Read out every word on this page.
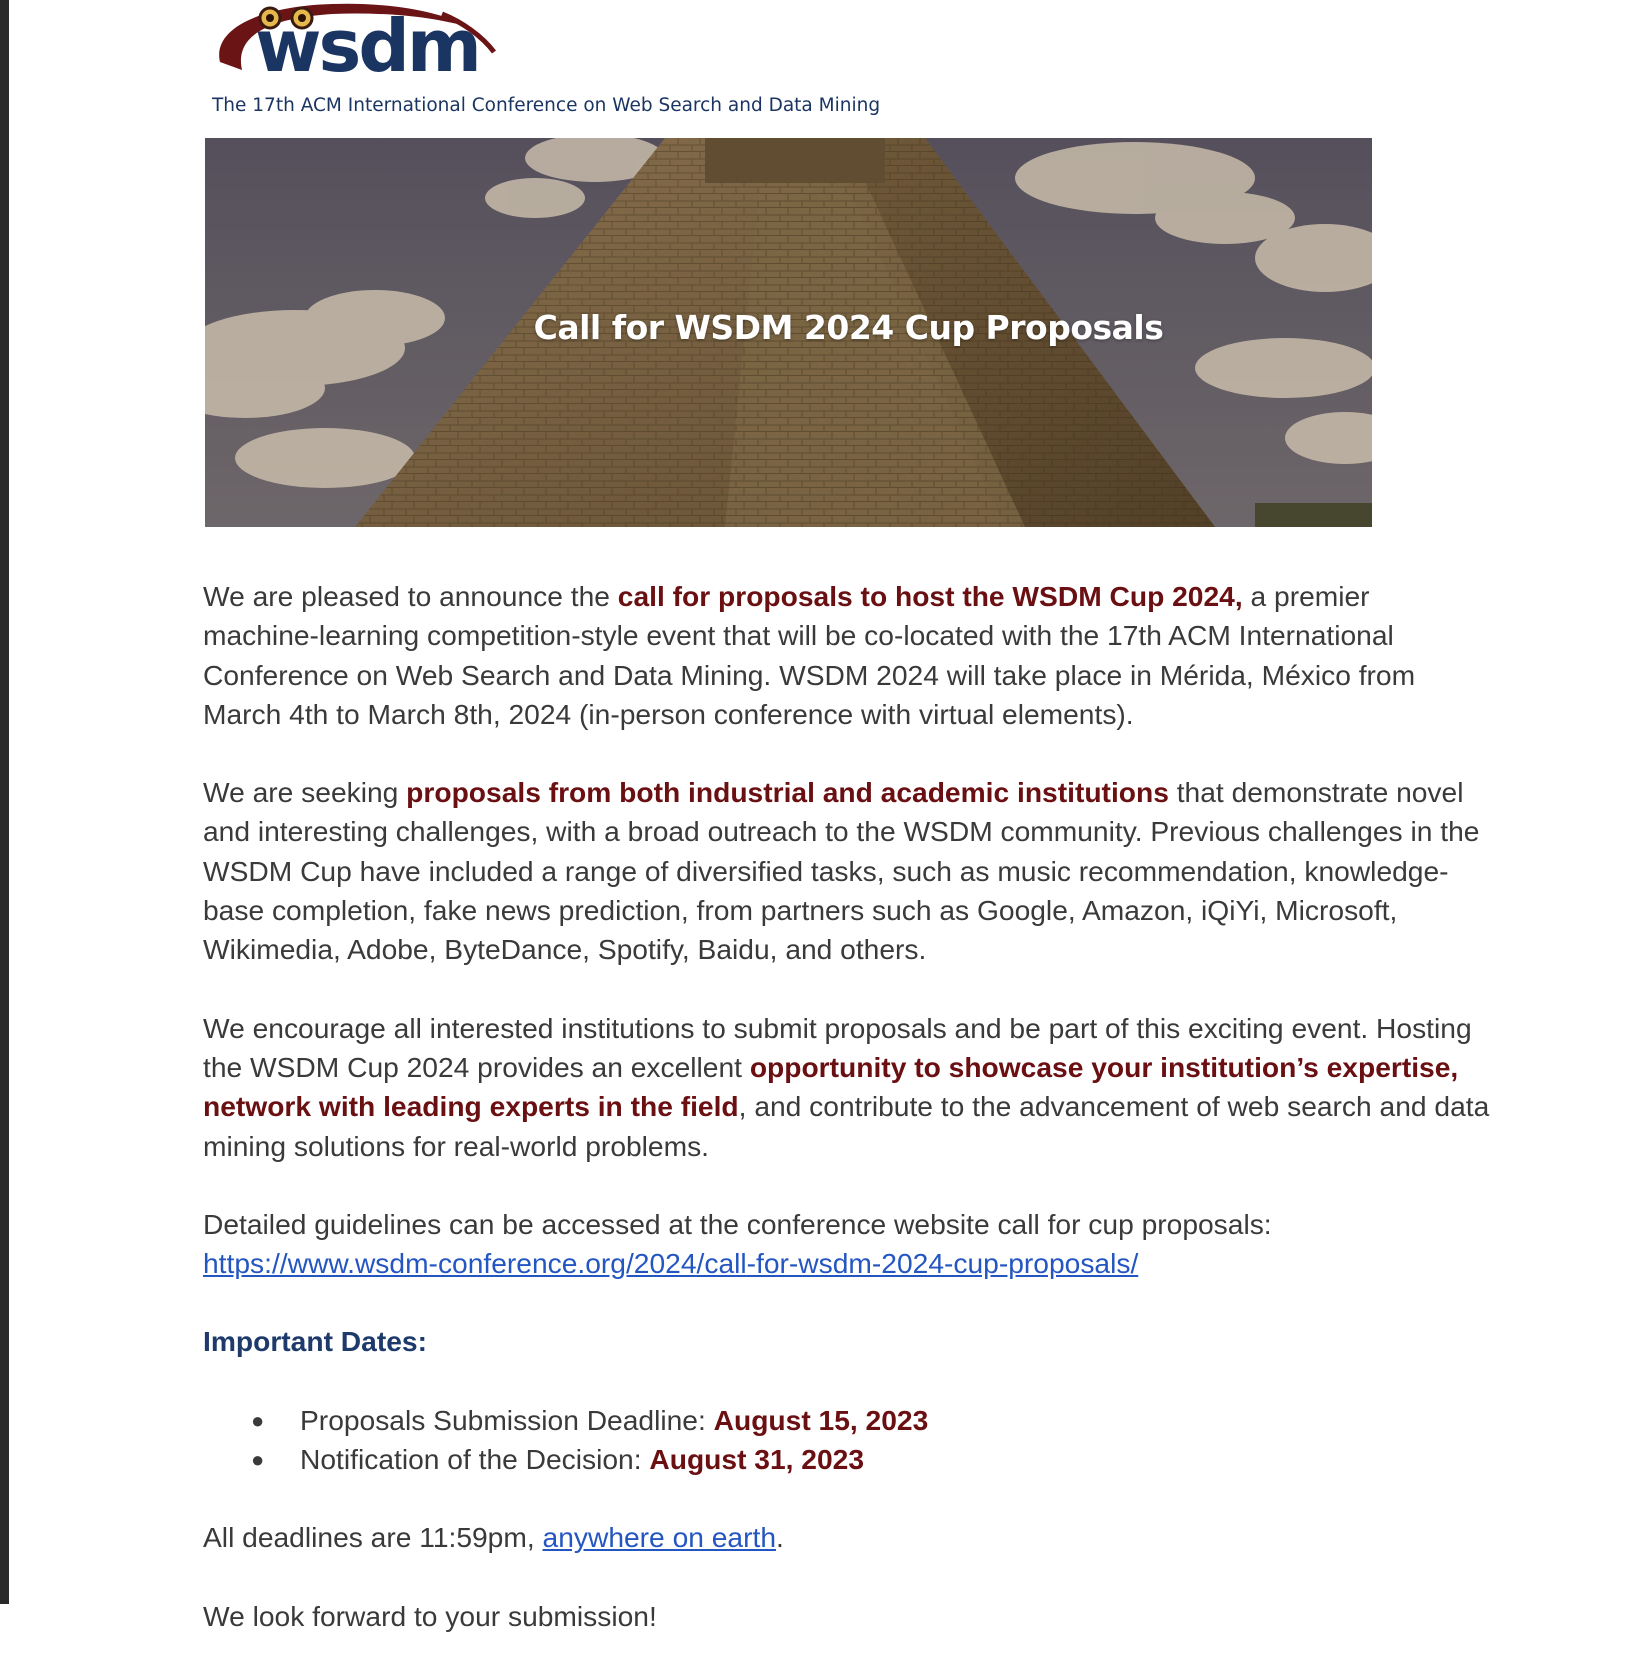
wsdm
The 17th ACM International Conference on Web Search and Data Mining
Call for WSDM 2024 Cup Proposals

We are pleased to announce the call for proposals to host the WSDM Cup 2024, a premier machine-learning competition-style event that will be co-located with the 17th ACM International Conference on Web Search and Data Mining. WSDM 2024 will take place in Mérida, México from March 4th to March 8th, 2024 (in-person conference with virtual elements).

We are seeking proposals from both industrial and academic institutions that demonstrate novel and interesting challenges, with a broad outreach to the WSDM community. Previous challenges in the WSDM Cup have included a range of diversified tasks, such as music recommendation, knowledge-base completion, fake news prediction, from partners such as Google, Amazon, iQiYi, Microsoft, Wikimedia, Adobe, ByteDance, Spotify, Baidu, and others.

We encourage all interested institutions to submit proposals and be part of this exciting event. Hosting the WSDM Cup 2024 provides an excellent opportunity to showcase your institution’s expertise, network with leading experts in the field, and contribute to the advancement of web search and data mining solutions for real-world problems.

Detailed guidelines can be accessed at the conference website call for cup proposals:
https://www.wsdm-conference.org/2024/call-for-wsdm-2024-cup-proposals/

Important Dates:

● Proposals Submission Deadline: August 15, 2023
● Notification of the Decision: August 31, 2023

All deadlines are 11:59pm, anywhere on earth.

We look forward to your submission!
